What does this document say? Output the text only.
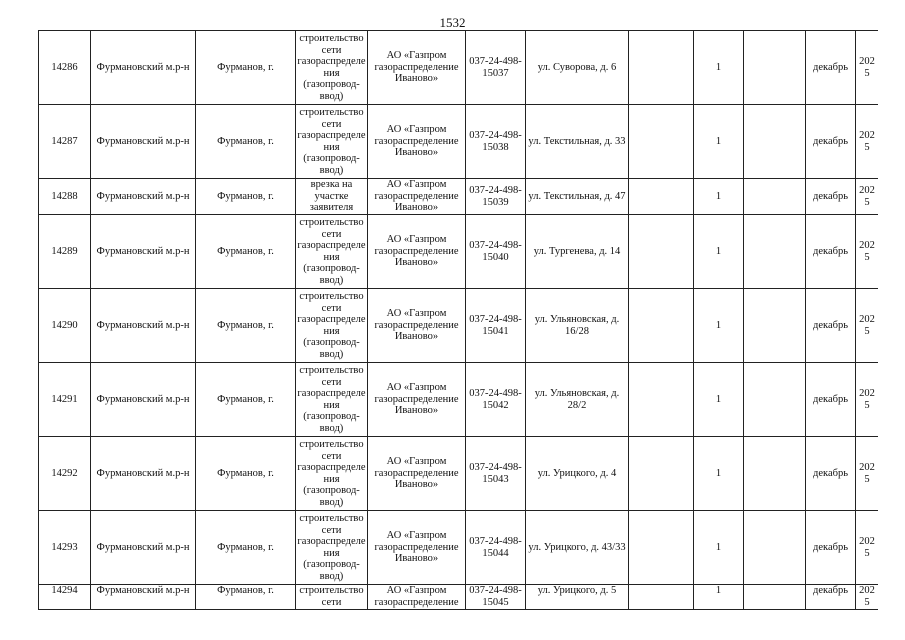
1532
14286	Фурмановский м.р-н	Фурманов, г.	строительство сети газораспределения (газопровод-ввод)	АО «Газпром газораспределение Иваново»	037-24-498-15037	ул. Суворова, д. 6		1		декабрь	2025
14287	Фурмановский м.р-н	Фурманов, г.	строительство сети газораспределения (газопровод-ввод)	АО «Газпром газораспределение Иваново»	037-24-498-15038	ул. Текстильная, д. 33		1		декабрь	2025
14288	Фурмановский м.р-н	Фурманов, г.	врезка на участке заявителя	АО «Газпром газораспределение Иваново»	037-24-498-15039	ул. Текстильная, д. 47		1		декабрь	2025
14289	Фурмановский м.р-н	Фурманов, г.	строительство сети газораспределения (газопровод-ввод)	АО «Газпром газораспределение Иваново»	037-24-498-15040	ул. Тургенева, д. 14		1		декабрь	2025
14290	Фурмановский м.р-н	Фурманов, г.	строительство сети газораспределения (газопровод-ввод)	АО «Газпром газораспределение Иваново»	037-24-498-15041	ул. Ульяновская, д. 16/28		1		декабрь	2025
14291	Фурмановский м.р-н	Фурманов, г.	строительство сети газораспределения (газопровод-ввод)	АО «Газпром газораспределение Иваново»	037-24-498-15042	ул. Ульяновская, д. 28/2		1		декабрь	2025
14292	Фурмановский м.р-н	Фурманов, г.	строительство сети газораспределения (газопровод-ввод)	АО «Газпром газораспределение Иваново»	037-24-498-15043	ул. Урицкого, д. 4		1		декабрь	2025
14293	Фурмановский м.р-н	Фурманов, г.	строительство сети газораспределения (газопровод-ввод)	АО «Газпром газораспределение Иваново»	037-24-498-15044	ул. Урицкого, д. 43/33		1		декабрь	2025
14294	Фурмановский м.р-н	Фурманов, г.	строительство сети	АО «Газпром газораспределение	037-24-498-15045	ул. Урицкого, д. 5		1		декабрь	2025
